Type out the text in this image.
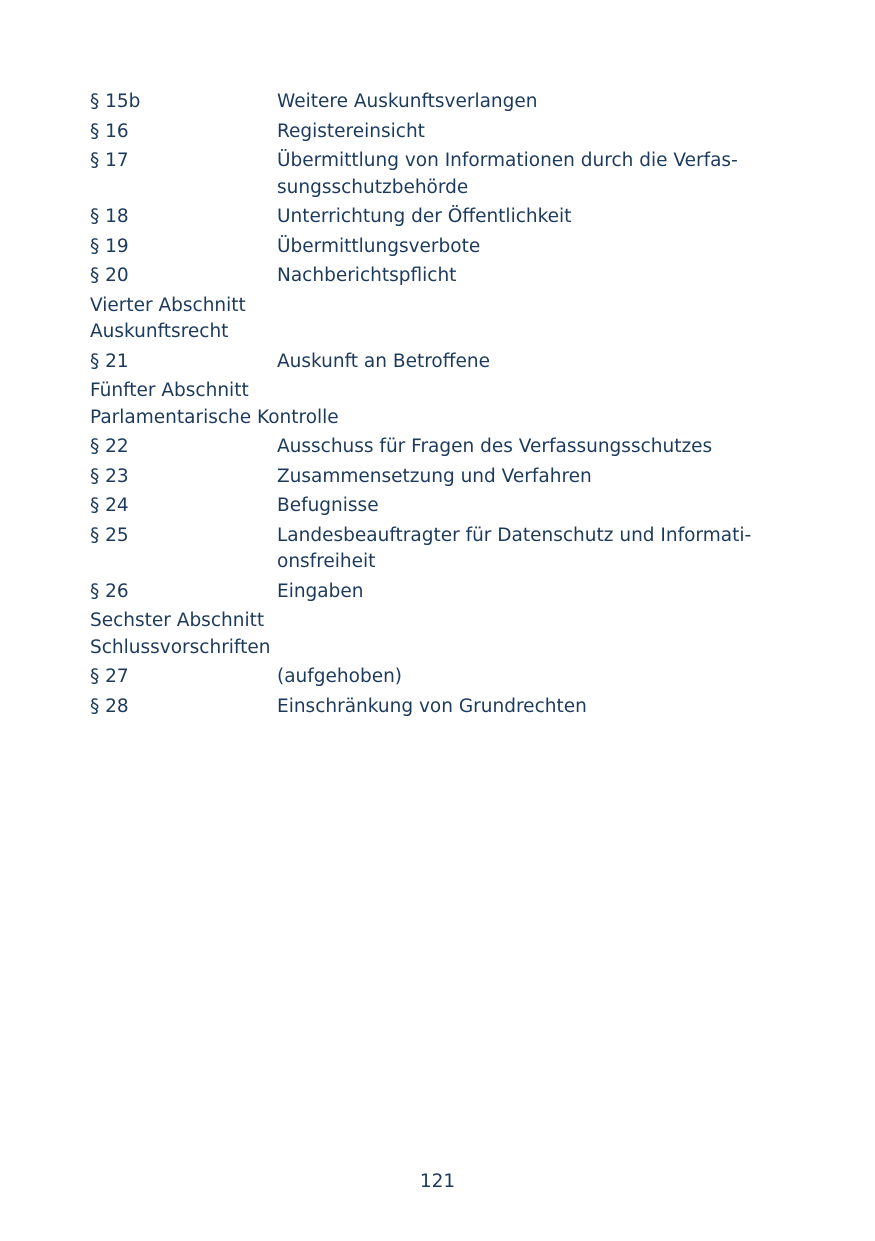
§ 15b	Weitere Auskunftsverlangen
§ 16	Registereinsicht
§ 17	Übermittlung von Informationen durch die Verfas-
sungsschutzbehörde
§ 18	Unterrichtung der Öffentlichkeit
§ 19	Übermittlungsverbote
§ 20	Nachberichtspflicht
Vierter Abschnitt
Auskunftsrecht
§ 21	Auskunft an Betroffene
Fünfter Abschnitt
Parlamentarische Kontrolle
§ 22	Ausschuss für Fragen des Verfassungsschutzes
§ 23	Zusammensetzung und Verfahren
§ 24	Befugnisse
§ 25	Landesbeauftragter für Datenschutz und Informati-
onsfreiheit
§ 26	Eingaben
Sechster Abschnitt
Schlussvorschriften
§ 27	(aufgehoben)
§ 28	Einschränkung von Grundrechten
121
